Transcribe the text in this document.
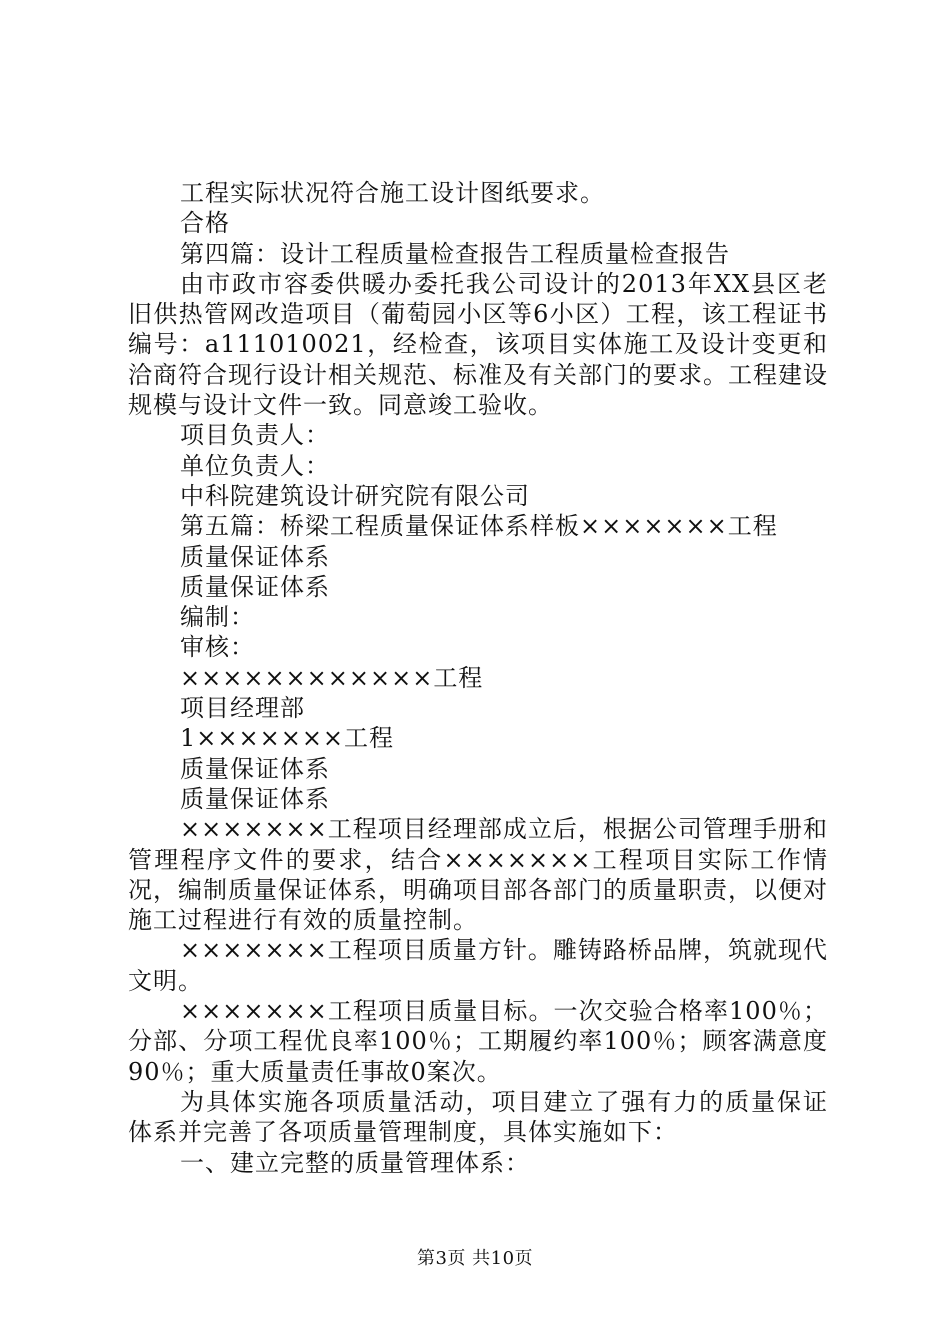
工程实际状况符合施工设计图纸要求。
合格
第四篇：设计工程质量检查报告工程质量检查报告

由市政市容委供暖办委托我公司设计的2013年XX县区老旧供热管网改造项目（葡萄园小区等6小区）工程，该工程证书编号：a111010021，经检查，该项目实体施工及设计变更和洽商符合现行设计相关规范、标准及有关部门的要求。工程建设规模与设计文件一致。同意竣工验收。

项目负责人：
单位负责人：
中科院建筑设计研究院有限公司
第五篇：桥梁工程质量保证体系样板×××××××工程
质量保证体系
质量保证体系
编制：
审核：
××××××××××××工程
项目经理部
1×××××××工程
质量保证体系
质量保证体系

×××××××工程项目经理部成立后，根据公司管理手册和管理程序文件的要求，结合×××××××工程项目实际工作情况，编制质量保证体系，明确项目部各部门的质量职责，以便对施工过程进行有效的质量控制。

×××××××工程项目质量方针。雕铸路桥品牌，筑就现代文明。

×××××××工程项目质量目标。一次交验合格率100％；分部、分项工程优良率100％；工期履约率100％；顾客满意度90％；重大质量责任事故0案次。

为具体实施各项质量活动，项目建立了强有力的质量保证体系并完善了各项质量管理制度，具体实施如下：

一、建立完整的质量管理体系：
第3页 共10页
